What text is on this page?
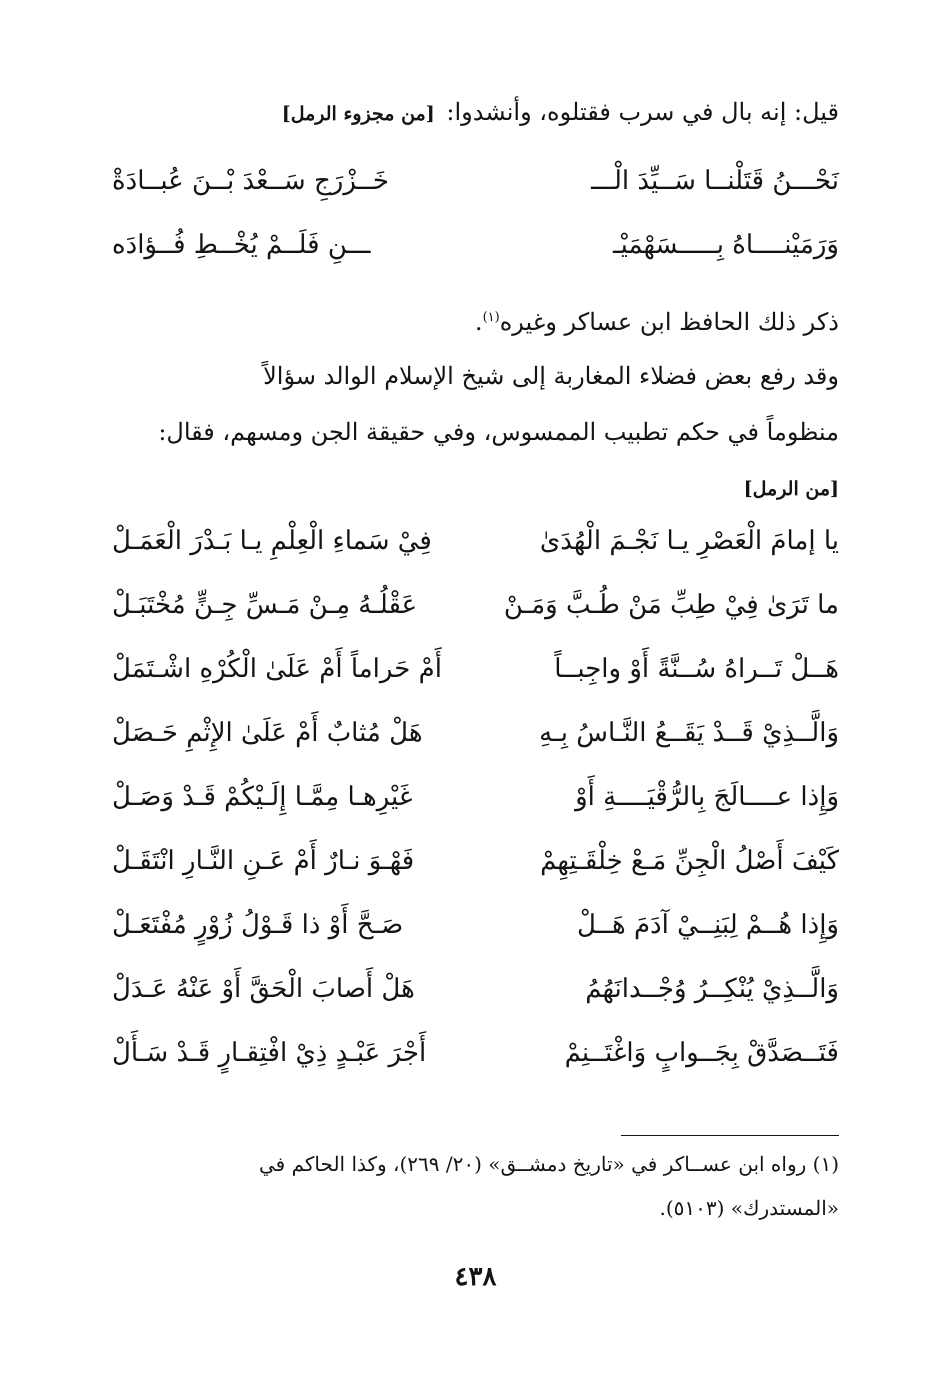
قيل: إنه بال في سرب فقتلوه، وأنشدوا: [من مجزوء الرمل]
نَحْـــنُ قَتَلْنــا سَــيِّدَ الْـــ
خَــزْرَجِ سَــعْدَ بْــنَ عُبــادَةْ
وَرَمَيْنــــاهُ بِـــــسَهْمَيْـ
ـــنِ فَلَــمْ يُخْــطِ فُــؤادَه
ذكر ذلك الحافظ ابن عساكر وغيره$^{(١)}$.
وقد رفع بعض فضلاء المغاربة إلى شيخ الإسلام الوالد سؤالاً
منظوماً في حكم تطبيب الممسوس، وفي حقيقة الجن ومسهم، فقال:
[من الرمل]
يا إمامَ الْعَصْرِ يـا نَجْـمَ الْهُدَىٰ
فِيْ سَماءِ الْعِلْمِ يـا بَـدْرَ الْعَمَـلْ
ما تَرَىٰ فِيْ طِبِّ مَنْ طُـبَّ وَمَـنْ
عَقْلُـهُ مِـنْ مَـسِّ جِـنٍّ مُخْتَبَـلْ
هَــلْ تَــراهُ سُــنَّةً أَوْ واجِبــاً
أَمْ حَراماً أَمْ عَلَىٰ الْكُرْهِ اشْـتَمَلْ
وَالَّــذِيْ قَــدْ يَقَــعُ النَّـاسُ بِـهِ
هَلْ مُثابٌ أَمْ عَلَىٰ الإِثْمِ حَـصَلْ
وَإِذا عــــالَجَ بِالرُّقْيَــــةِ أَوْ
غَيْرِهـا مِمَّـا إِلَـيْكُمْ قَـدْ وَصَـلْ
كَيْفَ أَصْلُ الْجِنِّ مَـعْ خِلْقَـتِهِمْ
فَهْـوَ نـارٌ أَمْ عَـنِ النَّـارِ انْتَقَـلْ
وَإِذا هُــمْ لِبَنِــيْ آدَمَ هَــلْ
صَـحَّ أَوْ ذا قَـوْلُ زُوْرٍ مُفْتَعَـلْ
وَالَّــذِيْ يُنْكِــرُ وُجْــدانَهُمُ
هَلْ أَصابَ الْحَقَّ أَوْ عَنْهُ عَـدَلْ
فَتَــصَدَّقْ بِجَــوابٍ وَاغْتَــنِمْ
أَجْرَ عَبْـدٍ ذِيْ افْتِقـارٍ قَـدْ سَـأَلْ
(١) رواه ابن عســاكر في «تاريخ دمشــق» (٢٠/ ٢٦٩)، وكذا الحاكم في
«المستدرك» (٥١٠٣).
٤٣٨
